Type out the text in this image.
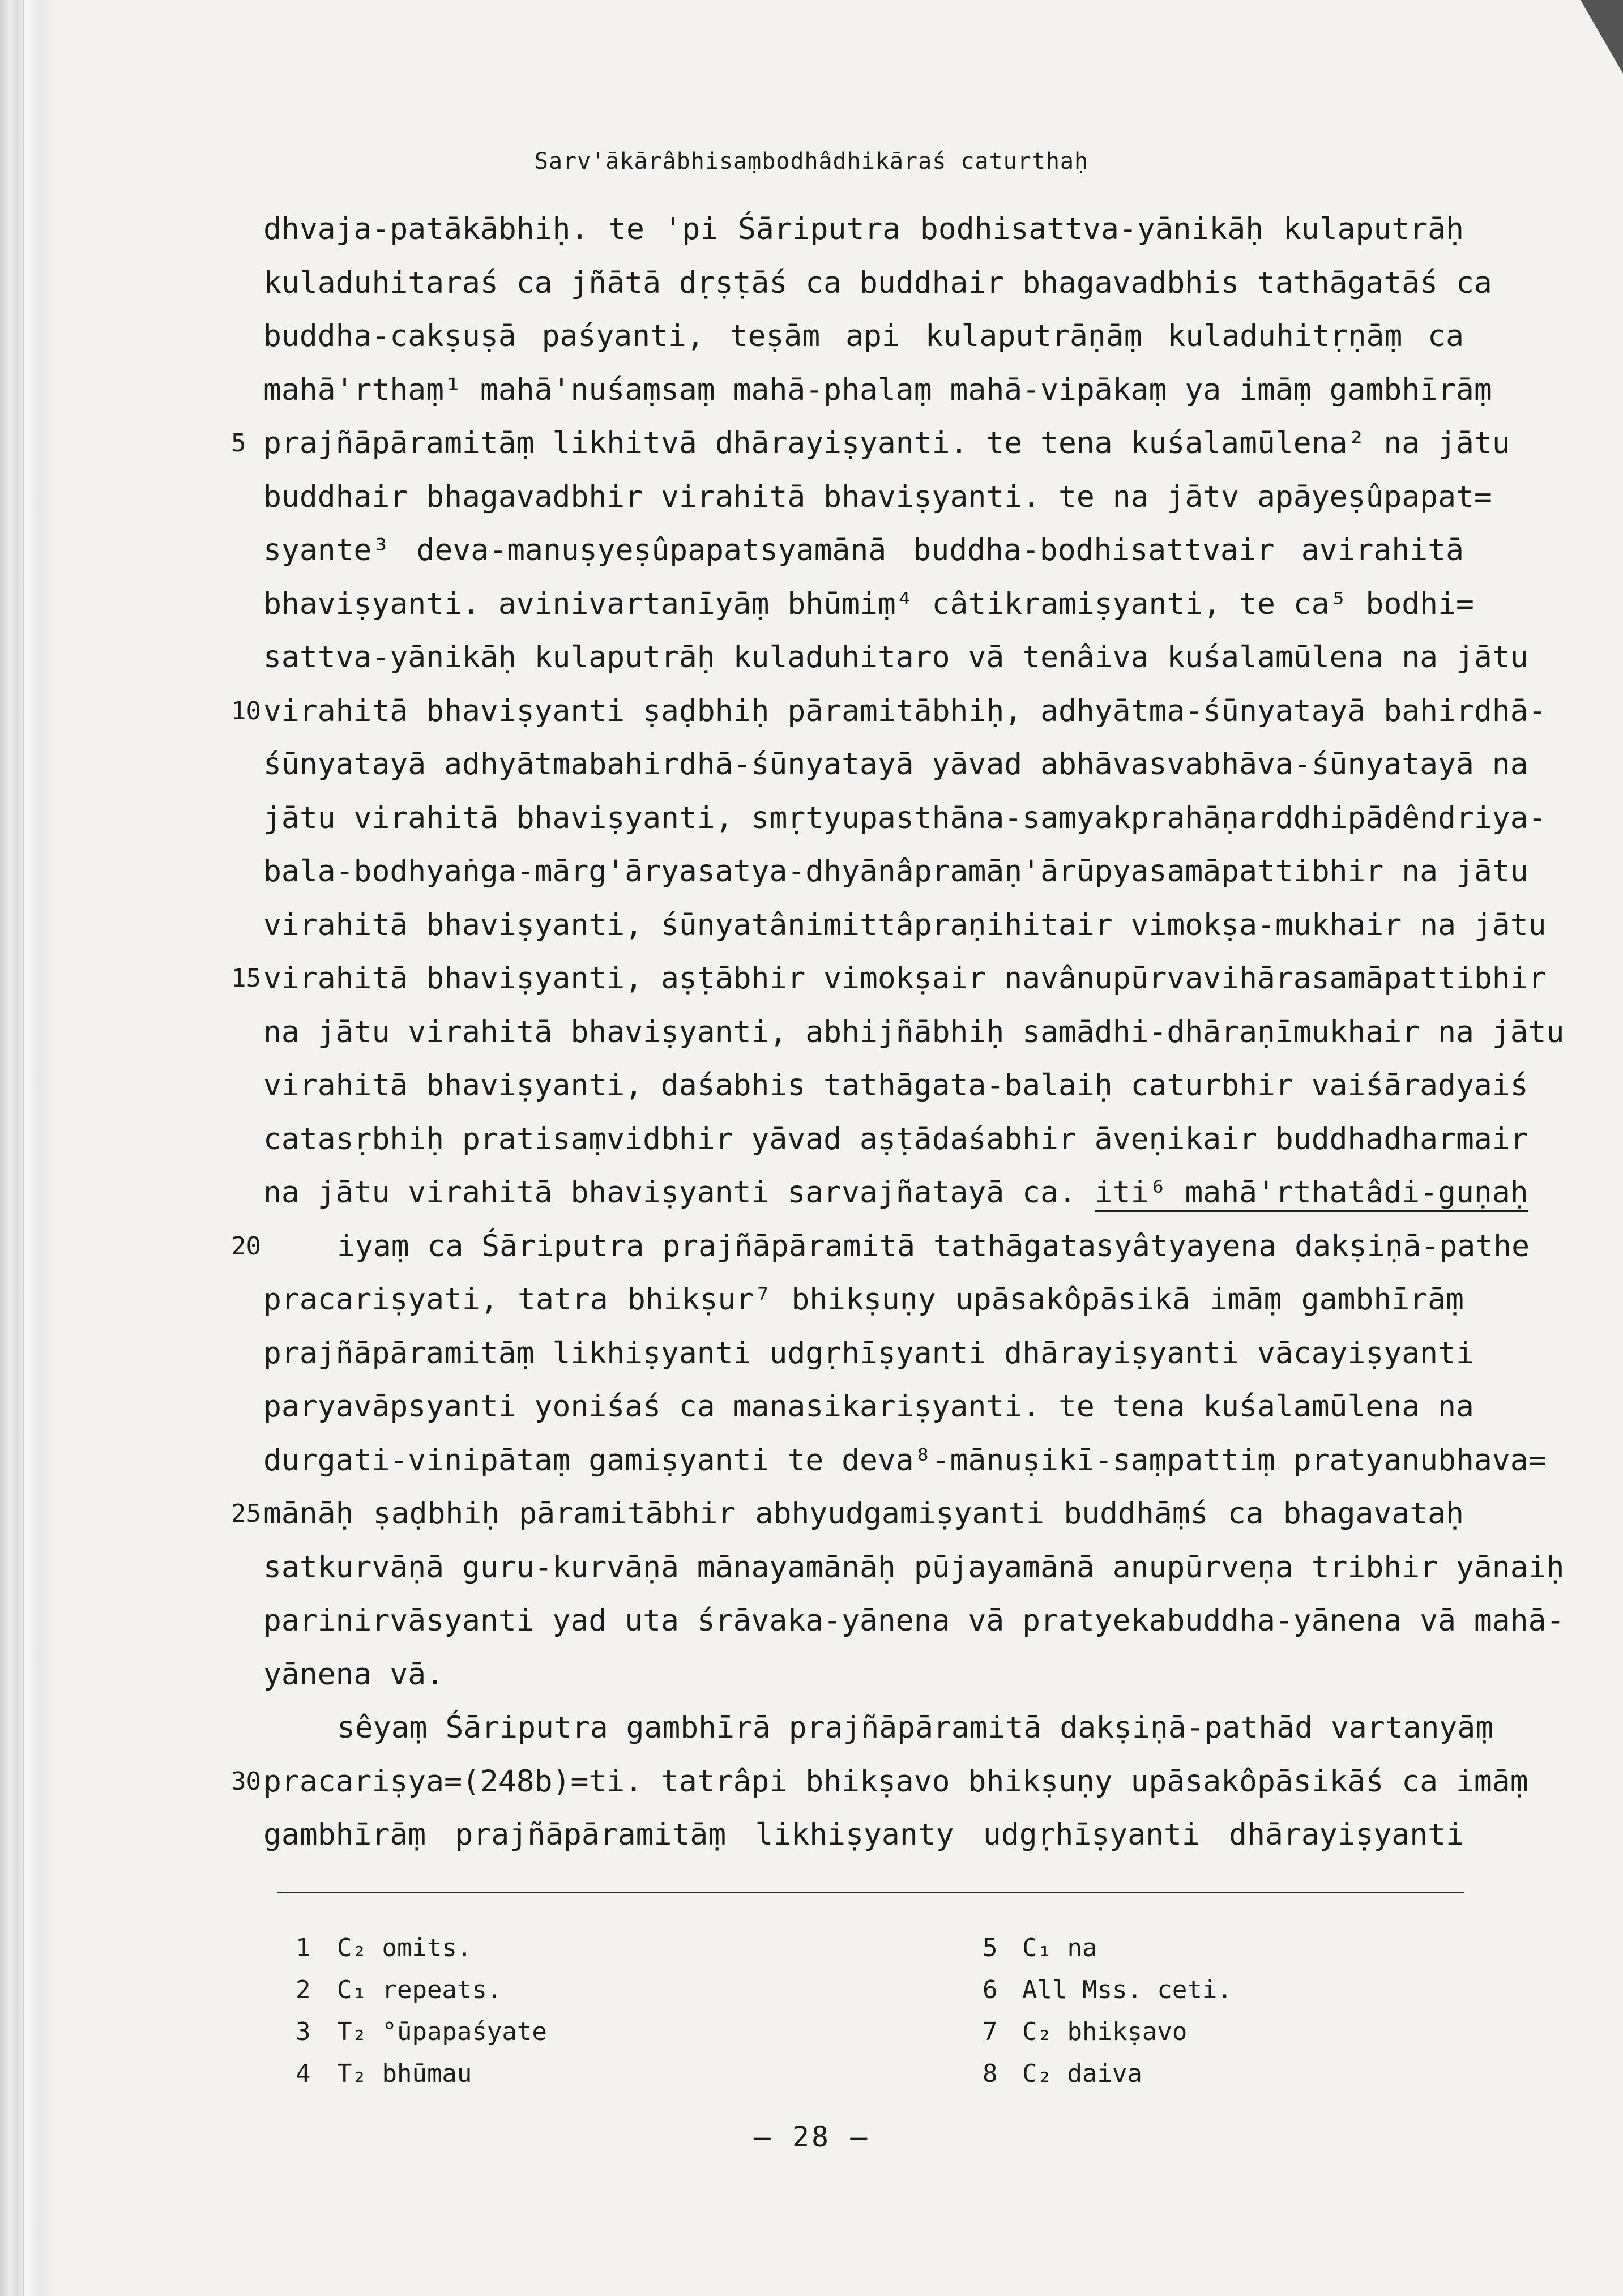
Sarv'ākārâbhisaṃbodhâdhikāraś caturthaḥ
dhvaja-patākābhiḥ. te 'pi Śāriputra bodhisattva-yānikāḥ kulaputrāḥ
kuladuhitaraś ca jñātā dṛṣṭāś ca buddhair bhagavadbhis tathāgatāś ca
buddha-cakṣuṣā paśyanti, teṣām api kulaputrāṇāṃ kuladuhitṛṇāṃ ca
mahā'rthaṃ¹ mahā'nuśaṃsaṃ mahā-phalaṃ mahā-vipākaṃ ya imāṃ gambhīrāṃ
5 prajñāpāramitāṃ likhitvā dhārayiṣyanti. te tena kuśalamūlena² na jātu
buddhair bhagavadbhir virahitā bhaviṣyanti. te na jātv apāyeṣûpapat=
syante³ deva-manuṣyeṣûpapatsyamānā buddha-bodhisattvair avirahitā
bhaviṣyanti. avinivartanīyāṃ bhūmiṃ⁴ câtikramiṣyanti, te ca⁵ bodhi=
sattva-yānikāḥ kulaputrāḥ kuladuhitaro vā tenâiva kuśalamūlena na jātu
10 virahitā bhaviṣyanti ṣaḍbhiḥ pāramitābhiḥ, adhyātma-śūnyatayā bahirdhā-
śūnyatayā adhyātmabahirdhā-śūnyatayā yāvad abhāvasvabhāva-śūnyatayā na
jātu virahitā bhaviṣyanti, smṛtyupasthāna-samyakprahāṇarddhipādêndriya-
bala-bodhyaṅga-mārg'āryasatya-dhyānâpramāṇ'ārūpyasamāpattibhir na jātu
virahitā bhaviṣyanti, śūnyatânimittâpraṇihitair vimokṣa-mukhair na jātu
15 virahitā bhaviṣyanti, aṣṭābhir vimokṣair navânupūrvavihārasamāpattibhir
na jātu virahitā bhaviṣyanti, abhijñābhiḥ samādhi-dhāraṇīmukhair na jātu
virahitā bhaviṣyanti, daśabhis tathāgata-balaiḥ caturbhir vaiśāradyaiś
catasṛbhiḥ pratisaṃvidbhir yāvad aṣṭādaśabhir āveṇikair buddhadharmair
na jātu virahitā bhaviṣyanti sarvajñatayā ca. iti⁶ mahā'rthatâdi-guṇaḥ
20	iyaṃ ca Śāriputra prajñāpāramitā tathāgatasyâtyayena dakṣiṇā-pathe
pracariṣyati, tatra bhikṣur⁷ bhikṣuṇy upāsakôpāsikā imāṃ gambhīrāṃ
prajñāpāramitāṃ likhiṣyanti udgṛhīṣyanti dhārayiṣyanti vācayiṣyanti
paryavāpsyanti yoniśaś ca manasikariṣyanti. te tena kuśalamūlena na
durgati-vinipātaṃ gamiṣyanti te deva⁸-mānuṣikī-saṃpattiṃ pratyanubhava=
25 mānāḥ ṣaḍbhiḥ pāramitābhir abhyudgamiṣyanti buddhāṃś ca bhagavataḥ
satkurvāṇā guru-kurvāṇā mānayamānāḥ pūjayamānā anupūrveṇa tribhir yānaiḥ
parinirvāsyanti yad uta śrāvaka-yānena vā pratyekabuddha-yānena vā mahā-
yānena vā.
sêyaṃ Śāriputra gambhīrā prajñāpāramitā dakṣiṇā-pathād vartanyāṃ
30 pracariṣya=(248b)=ti. tatrâpi bhikṣavo bhikṣuṇy upāsakôpāsikāś ca imāṃ
gambhīrāṃ prajñāpāramitāṃ likhiṣyanty udgṛhīṣyanti dhārayiṣyanti
1 C₂ omits.
2 C₁ repeats.
3 T₂ °ūpapaśyate
4 T₂ bhūmau
5 C₁ na
6 All Mss. ceti.
7 C₂ bhikṣavo
8 C₂ daiva
— 28 —
